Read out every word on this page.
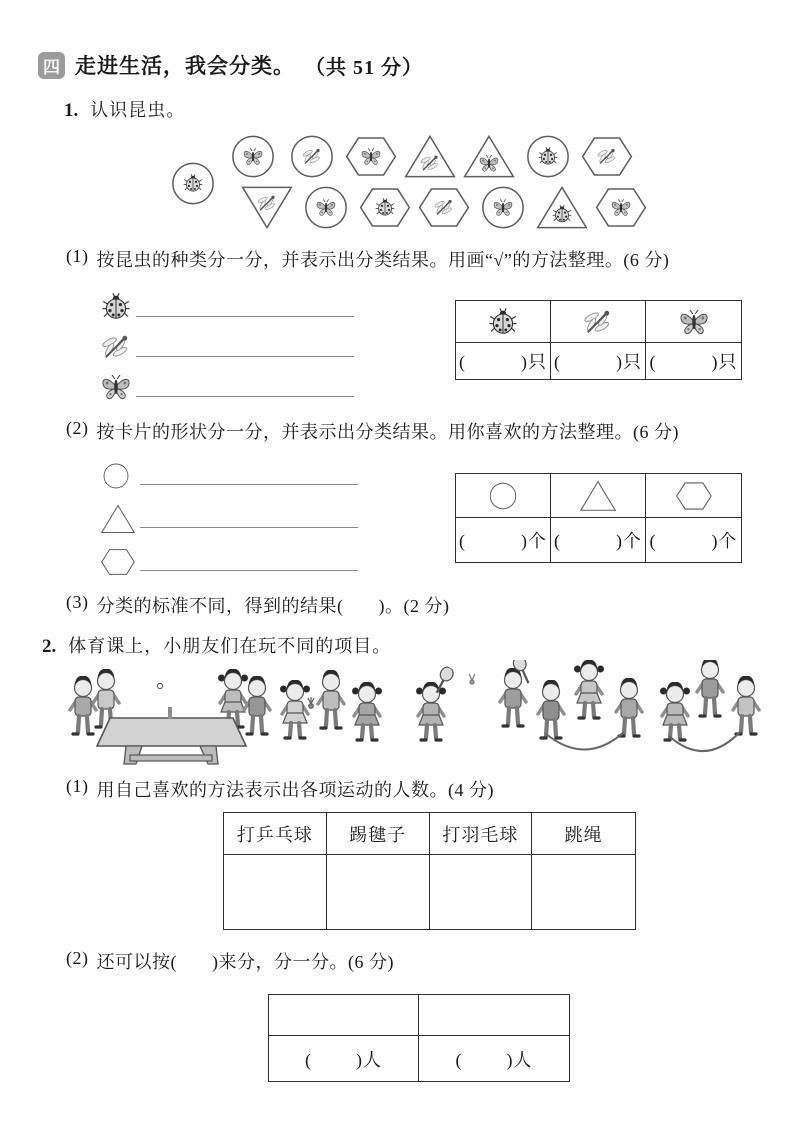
四 走进生活，我会分类。 （共 51 分）
1. 认识昆虫。
(1) 按昆虫的种类分一分，并表示出分类结果。用画“√”的方法整理。(6 分)
(          )只 (          )只 (          )只
(2) 按卡片的形状分一分，并表示出分类结果。用你喜欢的方法整理。(6 分)
(          )个 (          )个 (          )个
(3) 分类的标准不同，得到的结果(       )。(2 分)
2. 体育课上，小朋友们在玩不同的项目。
(1) 用自己喜欢的方法表示出各项运动的人数。(4 分)
打乒乓球	踢毽子	打羽毛球	跳绳
(2) 还可以按(       )来分，分一分。(6 分)
(        )人	(        )人
